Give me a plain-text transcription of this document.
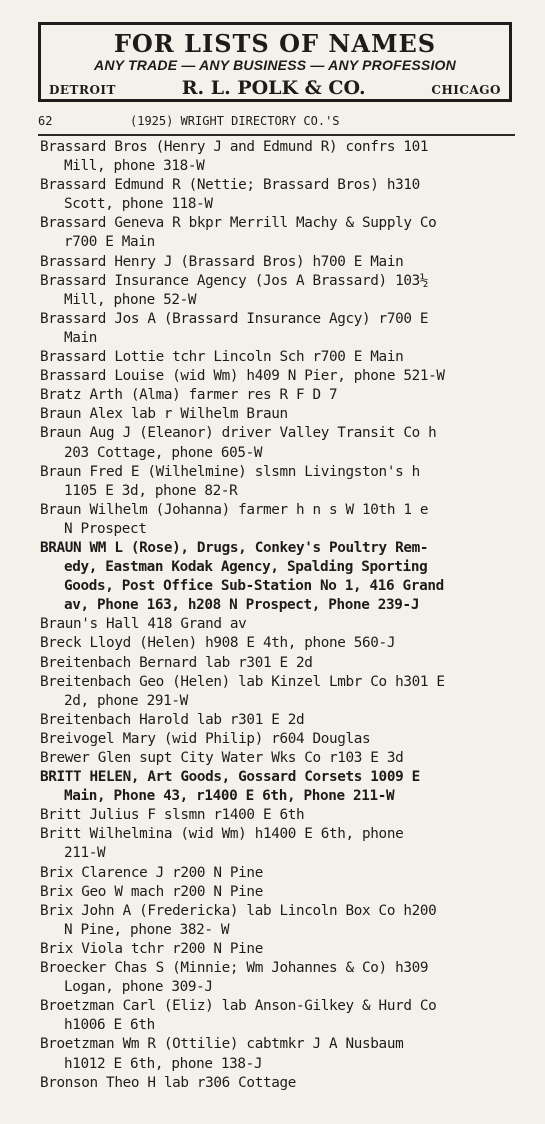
FOR LISTS OF NAMES
ANY TRADE — ANY BUSINESS — ANY PROFESSION
DETROIT	R. L. POLK & CO.	CHICAGO
62	(1925) WRIGHT DIRECTORY CO.'S
Brassard Bros (Henry J and Edmund R) confrs 101
Mill, phone 318-W
Brassard Edmund R (Nettie; Brassard Bros) h310
Scott, phone 118-W
Brassard Geneva R bkpr Merrill Machy & Supply Co
r700 E Main
Brassard Henry J (Brassard Bros) h700 E Main
Brassard Insurance Agency (Jos A Brassard) 103½
Mill, phone 52-W
Brassard Jos A (Brassard Insurance Agcy) r700 E
Main
Brassard Lottie tchr Lincoln Sch r700 E Main
Brassard Louise (wid Wm) h409 N Pier, phone 521-W
Bratz Arth (Alma) farmer res R F D 7
Braun Alex lab r Wilhelm Braun
Braun Aug J (Eleanor) driver Valley Transit Co h
203 Cottage, phone 605-W
Braun Fred E (Wilhelmine) slsmn Livingston's h
1105 E 3d, phone 82-R
Braun Wilhelm (Johanna) farmer h n s W 10th 1 e
N Prospect
BRAUN WM L (Rose), Drugs, Conkey's Poultry Rem-
edy, Eastman Kodak Agency, Spalding Sporting
Goods, Post Office Sub-Station No 1, 416 Grand
av, Phone 163, h208 N Prospect, Phone 239-J
Braun's Hall 418 Grand av
Breck Lloyd (Helen) h908 E 4th, phone 560-J
Breitenbach Bernard lab r301 E 2d
Breitenbach Geo (Helen) lab Kinzel Lmbr Co h301 E
2d, phone 291-W
Breitenbach Harold lab r301 E 2d
Breivogel Mary (wid Philip) r604 Douglas
Brewer Glen supt City Water Wks Co r103 E 3d
BRITT HELEN, Art Goods, Gossard Corsets 1009 E
Main, Phone 43, r1400 E 6th, Phone 211-W
Britt Julius F slsmn r1400 E 6th
Britt Wilhelmina (wid Wm) h1400 E 6th, phone
211-W
Brix Clarence J r200 N Pine
Brix Geo W mach r200 N Pine
Brix John A (Fredericka) lab Lincoln Box Co h200
N Pine, phone 382- W
Brix Viola tchr r200 N Pine
Broecker Chas S (Minnie; Wm Johannes & Co) h309
Logan, phone 309-J
Broetzman Carl (Eliz) lab Anson-Gilkey & Hurd Co
h1006 E 6th
Broetzman Wm R (Ottilie) cabtmkr J A Nusbaum
h1012 E 6th, phone 138-J
Bronson Theo H lab r306 Cottage
